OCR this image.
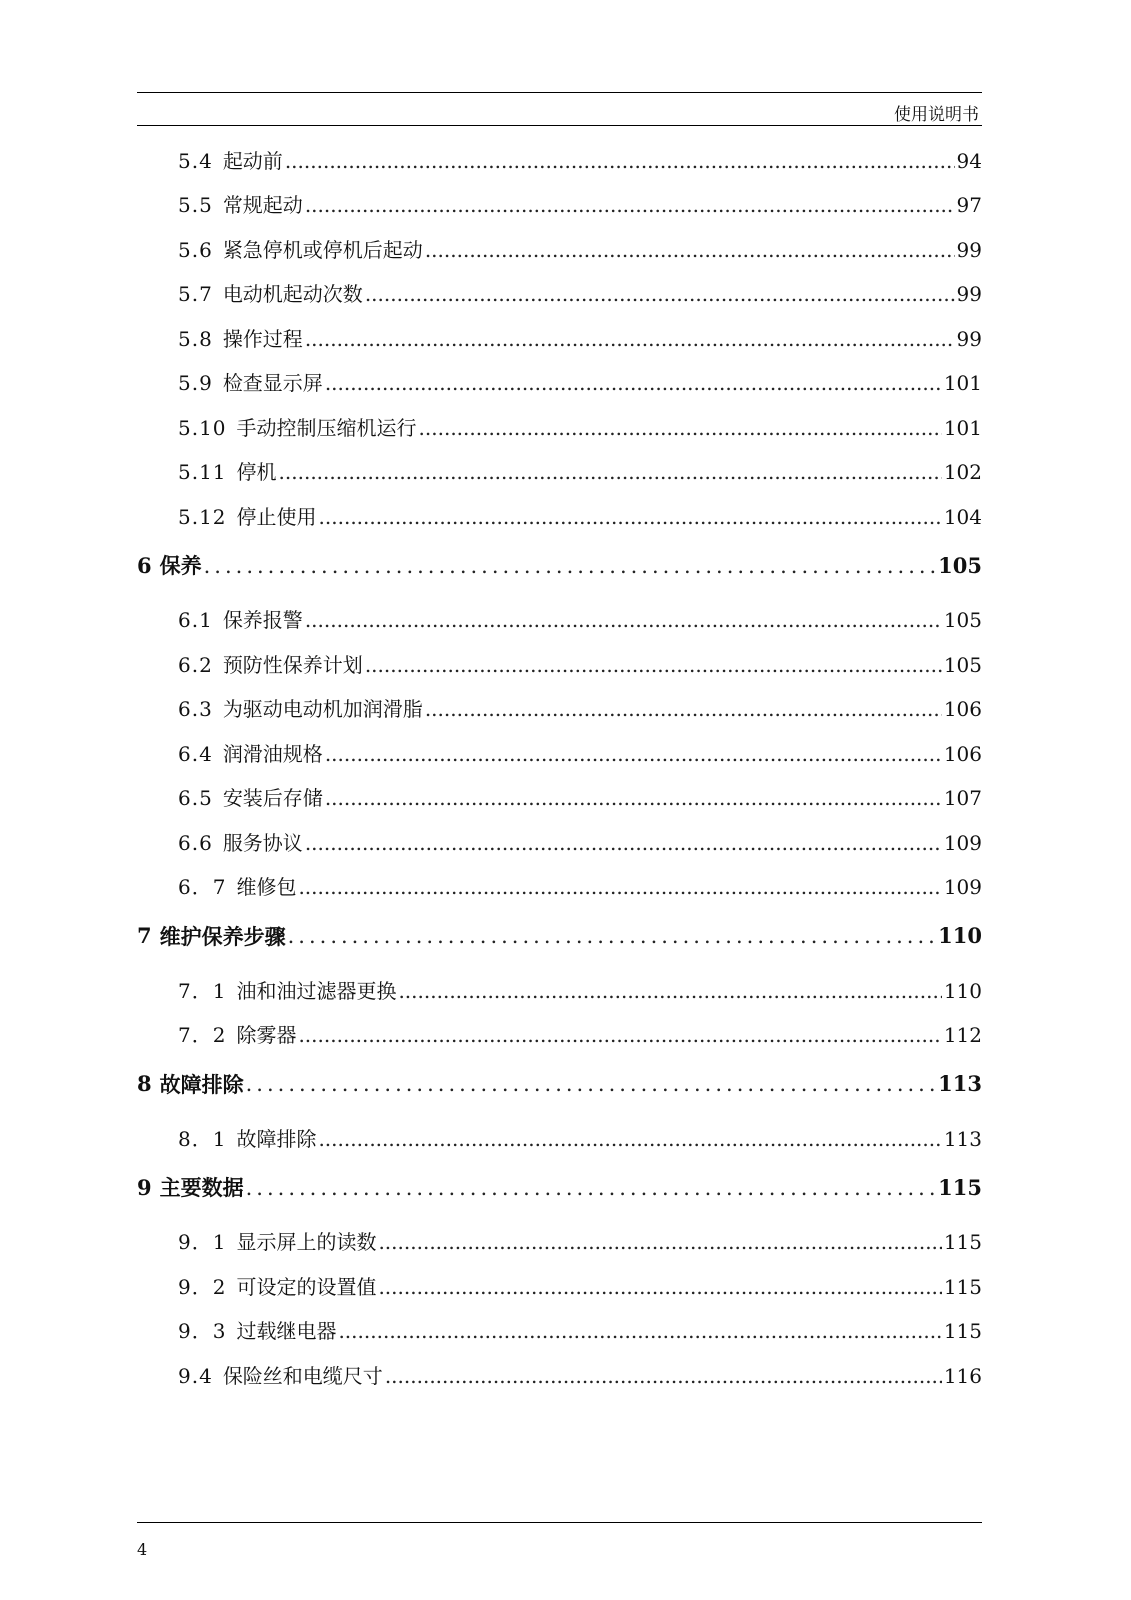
使用说明书
5.4 起动前 .....	94
5.5 常规起动 .....	97
5.6 紧急停机或停机后起动 .....	99
5.7 电动机起动次数 .....	99
5.8 操作过程 .....	99
5.9 检查显示屏 .....	101
5.10 手动控制压缩机运行 .....	101
5.11 停机 .....	102
5.12 停止使用 .....	104
6 保养 .....	105
6.1 保养报警 .....	105
6.2 预防性保养计划 .....	105
6.3 为驱动电动机加润滑脂 .....	106
6.4 润滑油规格 .....	106
6.5 安装后存储 .....	107
6.6 服务协议 .....	109
6．7 维修包 .....	109
7 维护保养步骤 .....	110
7．1 油和油过滤器更换 .....	110
7．2 除雾器 .....	112
8 故障排除 .....	113
8．1 故障排除 .....	113
9 主要数据 .....	115
9．1 显示屏上的读数 .....	115
9．2 可设定的设置值 .....	115
9．3 过载继电器 .....	115
9.4 保险丝和电缆尺寸 .....	116
4
